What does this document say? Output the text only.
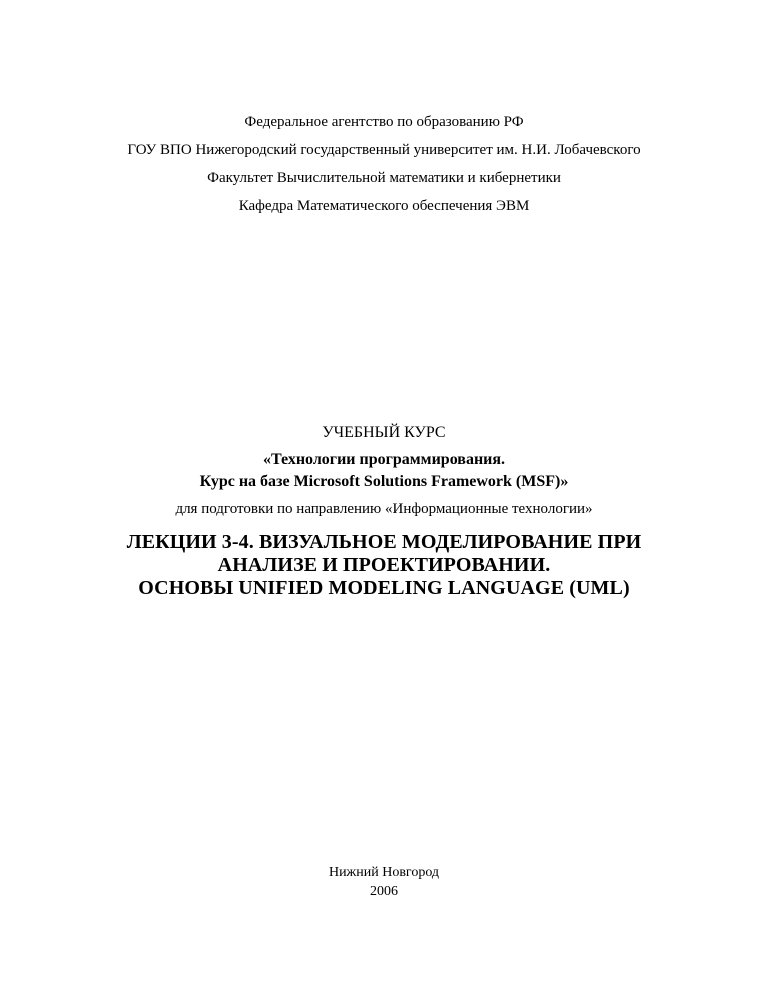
Федеральное агентство по образованию РФ
ГОУ ВПО Нижегородский государственный университет им. Н.И. Лобачевского
Факультет Вычислительной математики и кибернетики
Кафедра Математического обеспечения ЭВМ
УЧЕБНЫЙ КУРС
«Технологии программирования.
Курс на базе Microsoft Solutions Framework (MSF)»
для подготовки по направлению «Информационные технологии»
ЛЕКЦИИ 3-4. ВИЗУАЛЬНОЕ МОДЕЛИРОВАНИЕ ПРИ
АНАЛИЗЕ И ПРОЕКТИРОВАНИИ.
ОСНОВЫ UNIFIED MODELING LANGUAGE (UML)
Нижний Новгород
2006
